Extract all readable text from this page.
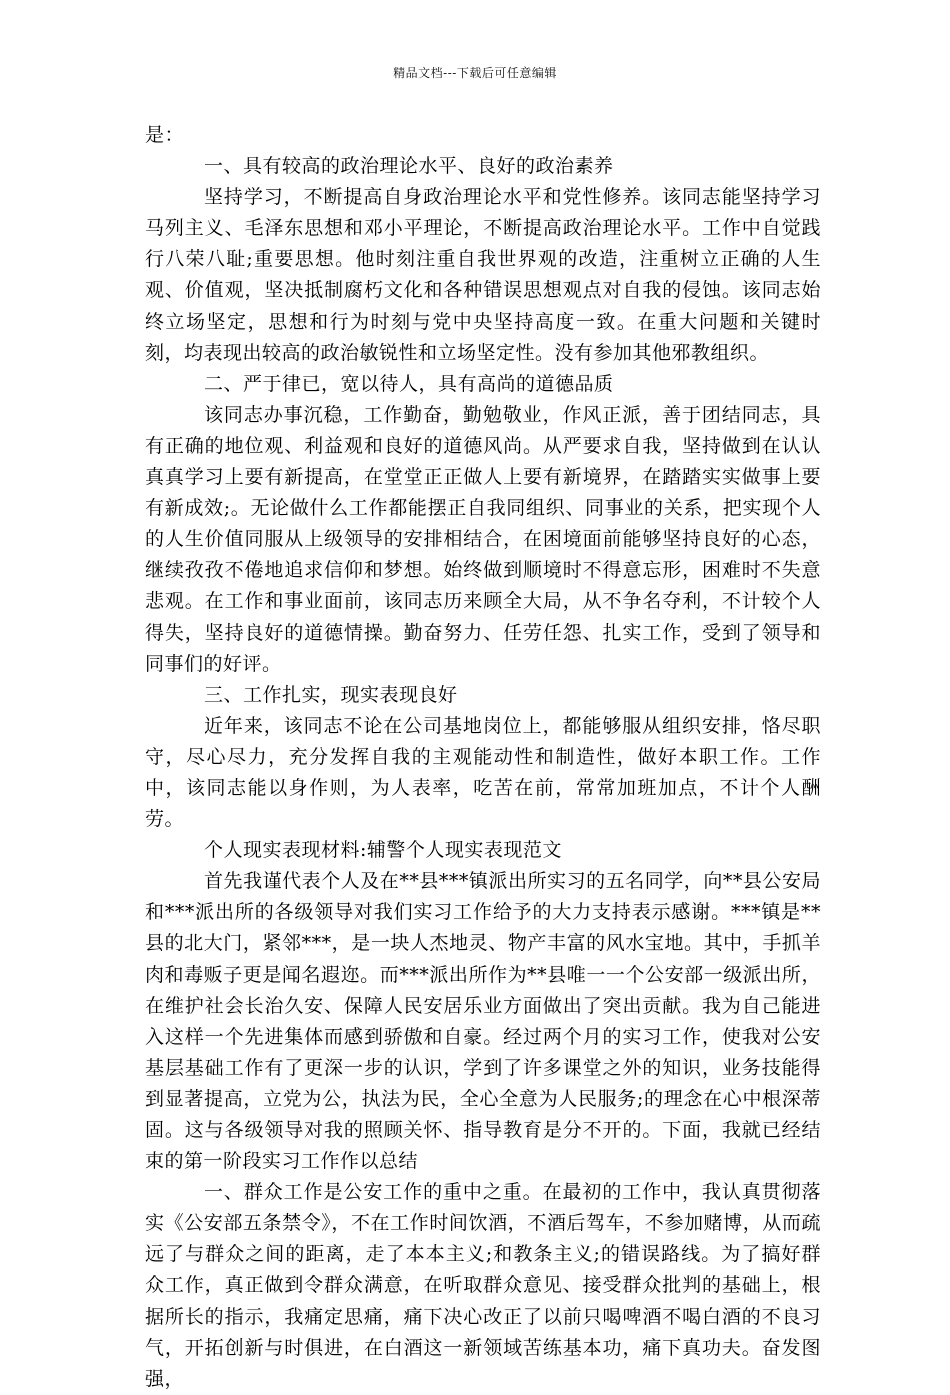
精品文档---下载后可任意编辑

是：

一、具有较高的政治理论水平、良好的政治素养

坚持学习，不断提高自身政治理论水平和党性修养。该同志能坚持学习马列主义、毛泽东思想和邓小平理论，不断提高政治理论水平。工作中自觉践行八荣八耻;重要思想。他时刻注重自我世界观的改造，注重树立正确的人生观、价值观，坚决抵制腐朽文化和各种错误思想观点对自我的侵蚀。该同志始终立场坚定，思想和行为时刻与党中央坚持高度一致。在重大问题和关键时刻，均表现出较高的政治敏锐性和立场坚定性。没有参加其他邪教组织。

二、严于律已，宽以待人，具有高尚的道德品质

该同志办事沉稳，工作勤奋，勤勉敬业，作风正派，善于团结同志，具有正确的地位观、利益观和良好的道德风尚。从严要求自我，坚持做到在认认真真学习上要有新提高，在堂堂正正做人上要有新境界，在踏踏实实做事上要有新成效;。无论做什么工作都能摆正自我同组织、同事业的关系，把实现个人的人生价值同服从上级领导的安排相结合，在困境面前能够坚持良好的心态，继续孜孜不倦地追求信仰和梦想。始终做到顺境时不得意忘形，困难时不失意悲观。在工作和事业面前，该同志历来顾全大局，从不争名夺利，不计较个人得失，坚持良好的道德情操。勤奋努力、任劳任怨、扎实工作，受到了领导和同事们的好评。

三、工作扎实，现实表现良好

近年来，该同志不论在公司基地岗位上，都能够服从组织安排，恪尽职守，尽心尽力，充分发挥自我的主观能动性和制造性，做好本职工作。工作中，该同志能以身作则，为人表率，吃苦在前，常常加班加点，不计个人酬劳。

个人现实表现材料:辅警个人现实表现范文

首先我谨代表个人及在**县***镇派出所实习的五名同学，向**县公安局和***派出所的各级领导对我们实习工作给予的大力支持表示感谢。***镇是**县的北大门，紧邻***，是一块人杰地灵、物产丰富的风水宝地。其中，手抓羊肉和毒贩子更是闻名遐迩。而***派出所作为**县唯一一个公安部一级派出所，在维护社会长治久安、保障人民安居乐业方面做出了突出贡献。我为自己能进入这样一个先进集体而感到骄傲和自豪。经过两个月的实习工作，使我对公安基层基础工作有了更深一步的认识，学到了许多课堂之外的知识，业务技能得到显著提高，立党为公，执法为民，全心全意为人民服务;的理念在心中根深蒂固。这与各级领导对我的照顾关怀、指导教育是分不开的。下面，我就已经结束的第一阶段实习工作作以总结

一、群众工作是公安工作的重中之重。在最初的工作中，我认真贯彻落实《公安部五条禁令》，不在工作时间饮酒，不酒后驾车，不参加赌博，从而疏远了与群众之间的距离，走了本本主义;和教条主义;的错误路线。为了搞好群众工作，真正做到令群众满意，在听取群众意见、接受群众批判的基础上，根据所长的指示，我痛定思痛，痛下决心改正了以前只喝啤酒不喝白酒的不良习气，开拓创新与时俱进，在白酒这一新领域苦练基本功，痛下真功夫。奋发图强，
